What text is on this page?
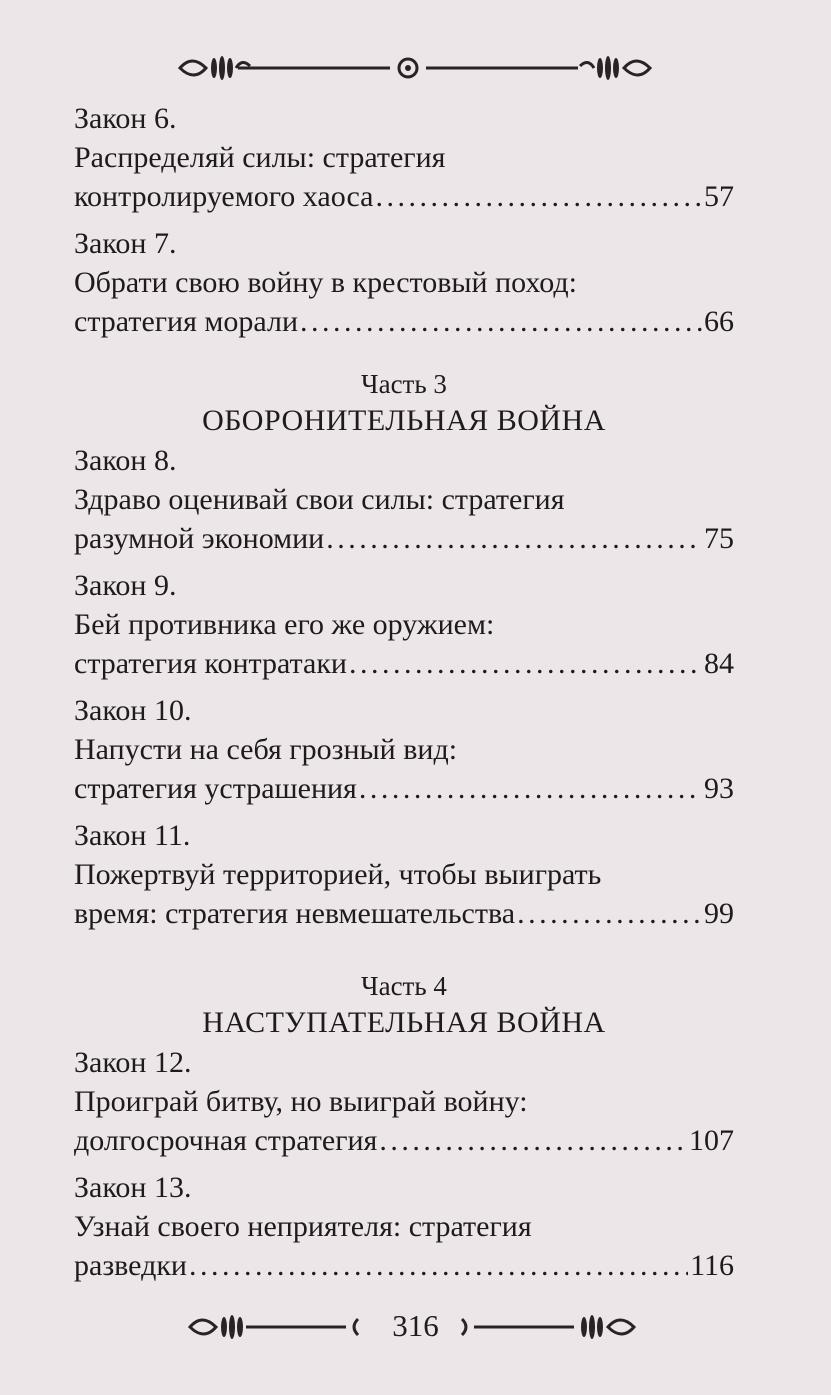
Закон 6.
Распределяй силы: стратегия
контролируемого хаоса . . .	57
Закон 7.
Обрати свою войну в крестовый поход:
стратегия морали . . .	66
Часть 3
ОБОРОНИТЕЛЬНАЯ ВОЙНА
Закон 8.
Здраво оценивай свои силы: стратегия
разумной экономии . . .	75
Закон 9.
Бей противника его же оружием:
стратегия контратаки . . .	84
Закон 10.
Напусти на себя грозный вид:
стратегия устрашения . . .	93
Закон 11.
Пожертвуй территорией, чтобы выиграть
время: стратегия невмешательства . . .	99
Часть 4
НАСТУПАТЕЛЬНАЯ ВОЙНА
Закон 12.
Проиграй битву, но выиграй войну:
долгосрочная стратегия . . .	107
Закон 13.
Узнай своего неприятеля: стратегия
разведки . . .	116
316
